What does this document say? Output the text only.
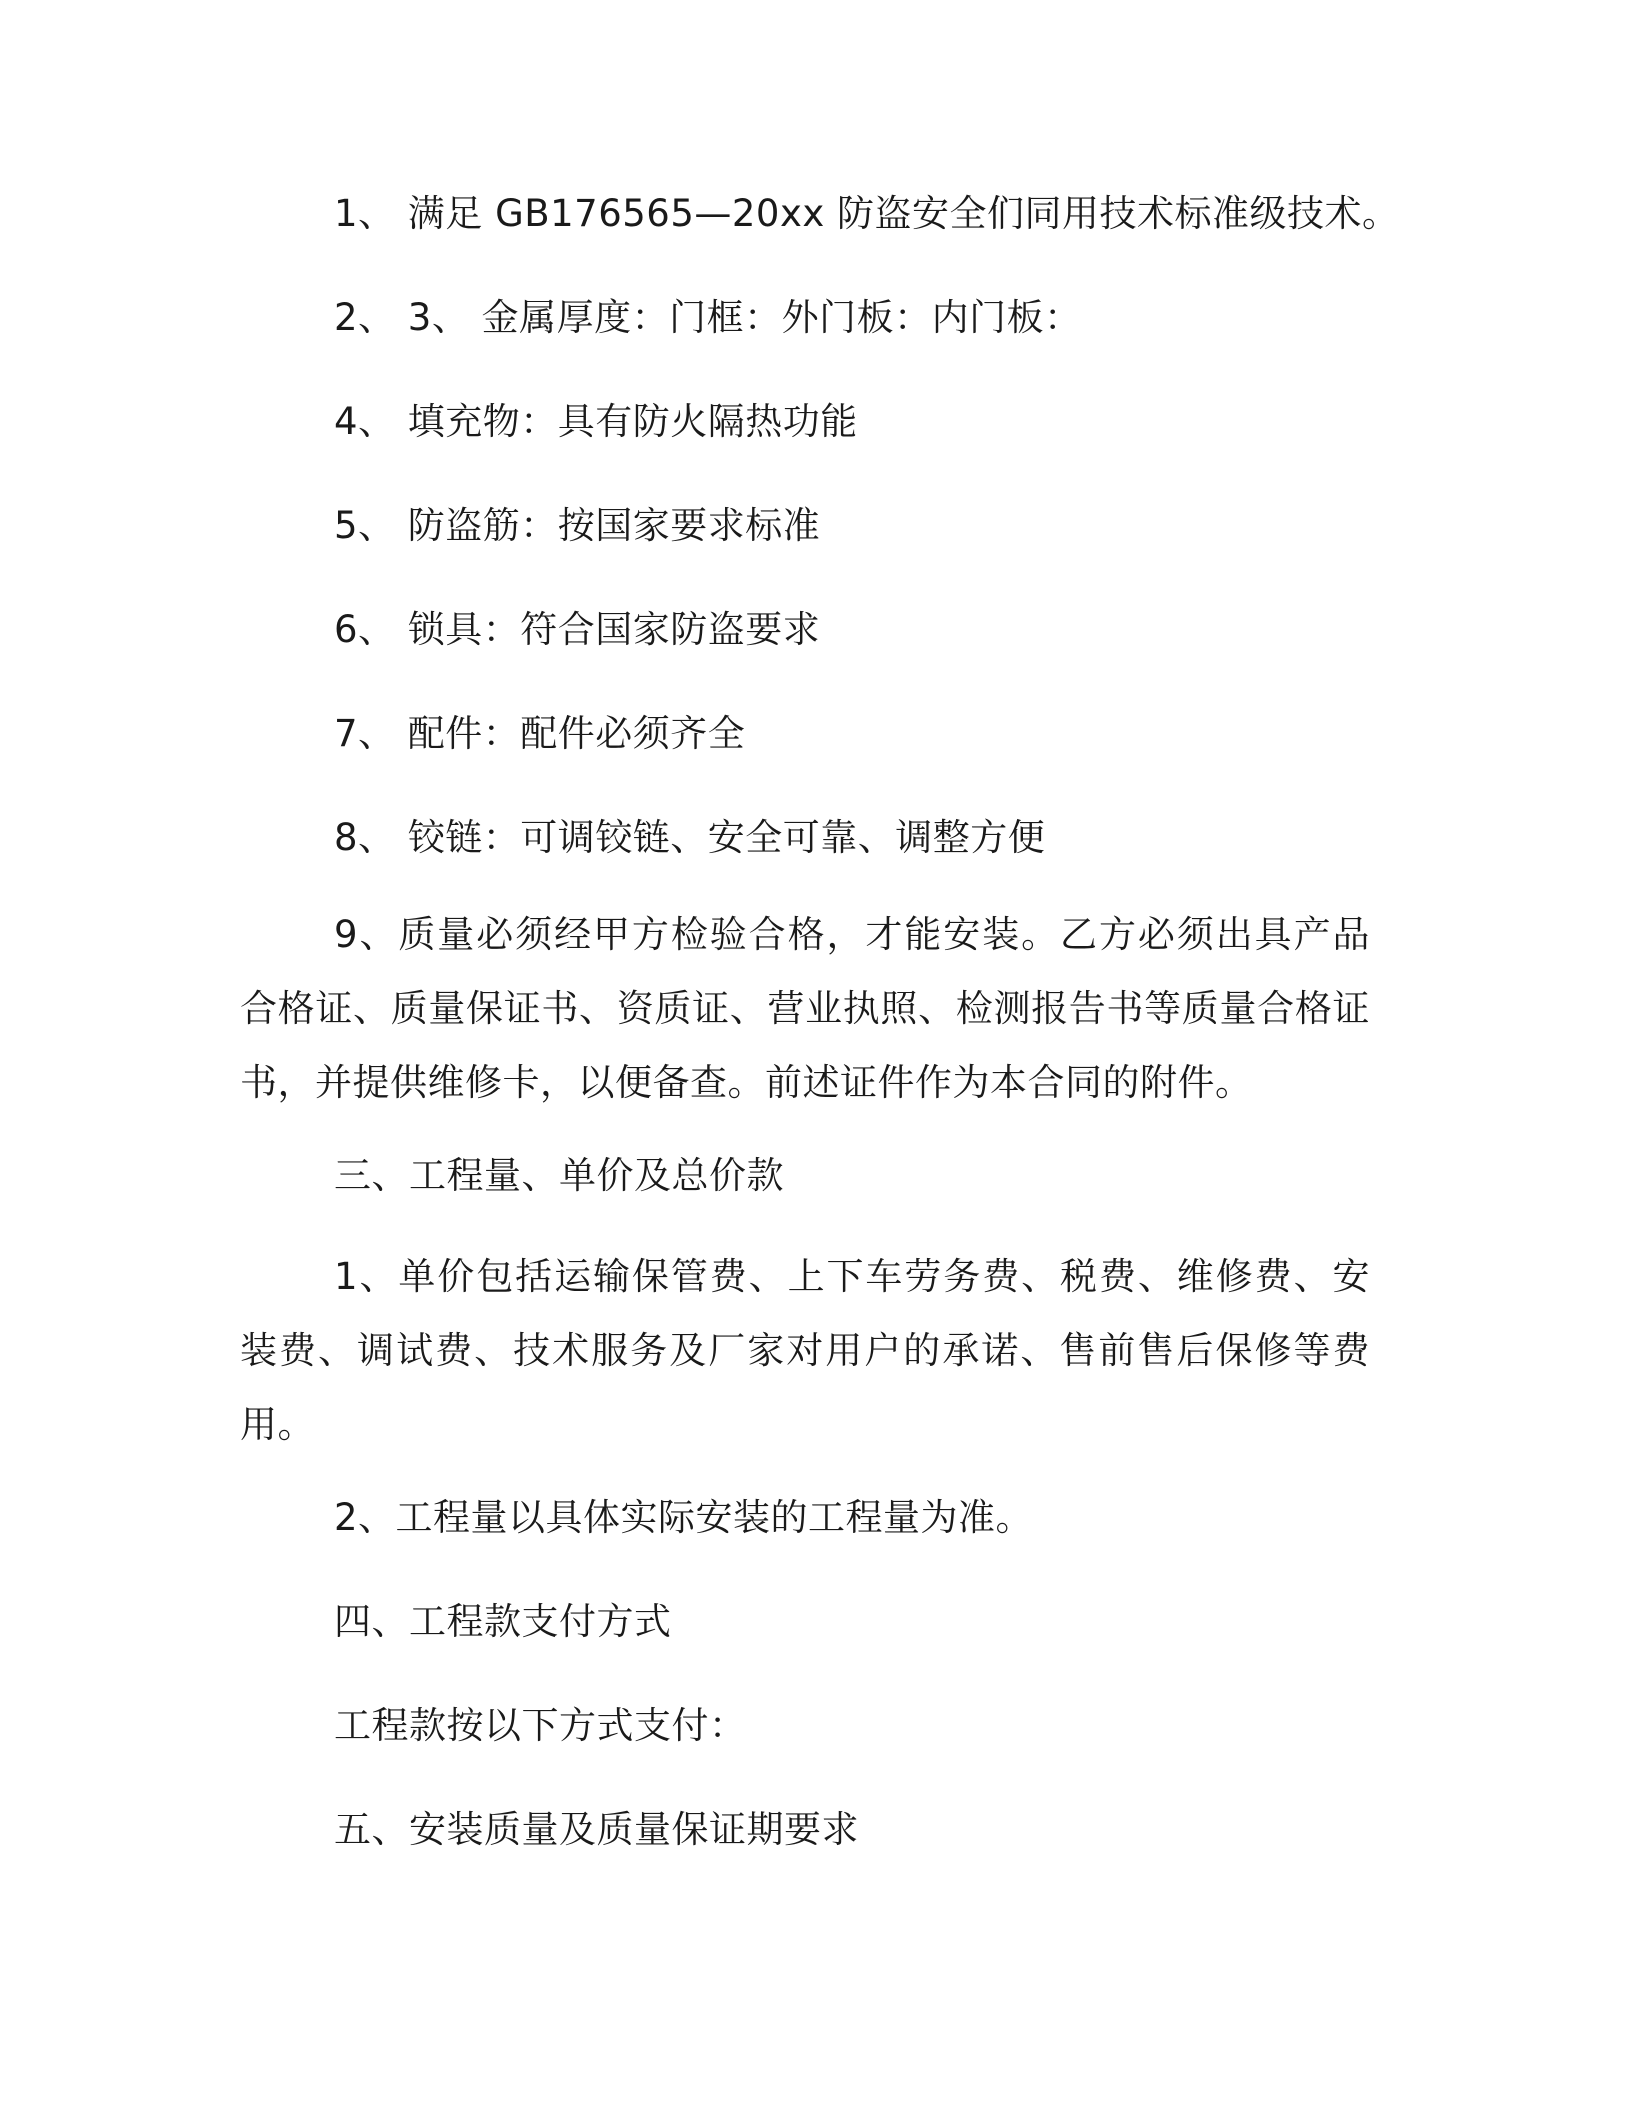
1、 满足 GB176565—20xx 防盗安全们同用技术标准级技术。

2、 3、 金属厚度：门框：外门板：内门板：

4、 填充物：具有防火隔热功能

5、 防盗筋：按国家要求标准

6、 锁具：符合国家防盗要求

7、 配件：配件必须齐全

8、 铰链：可调铰链、安全可靠、调整方便

9、质量必须经甲方检验合格，才能安装。乙方必须出具产品合格证、质量保证书、资质证、营业执照、检测报告书等质量合格证书，并提供维修卡，以便备查。前述证件作为本合同的附件。

三、工程量、单价及总价款

1、单价包括运输保管费、上下车劳务费、税费、维修费、安装费、调试费、技术服务及厂家对用户的承诺、售前售后保修等费用。

2、工程量以具体实际安装的工程量为准。

四、工程款支付方式

工程款按以下方式支付：

五、安装质量及质量保证期要求
